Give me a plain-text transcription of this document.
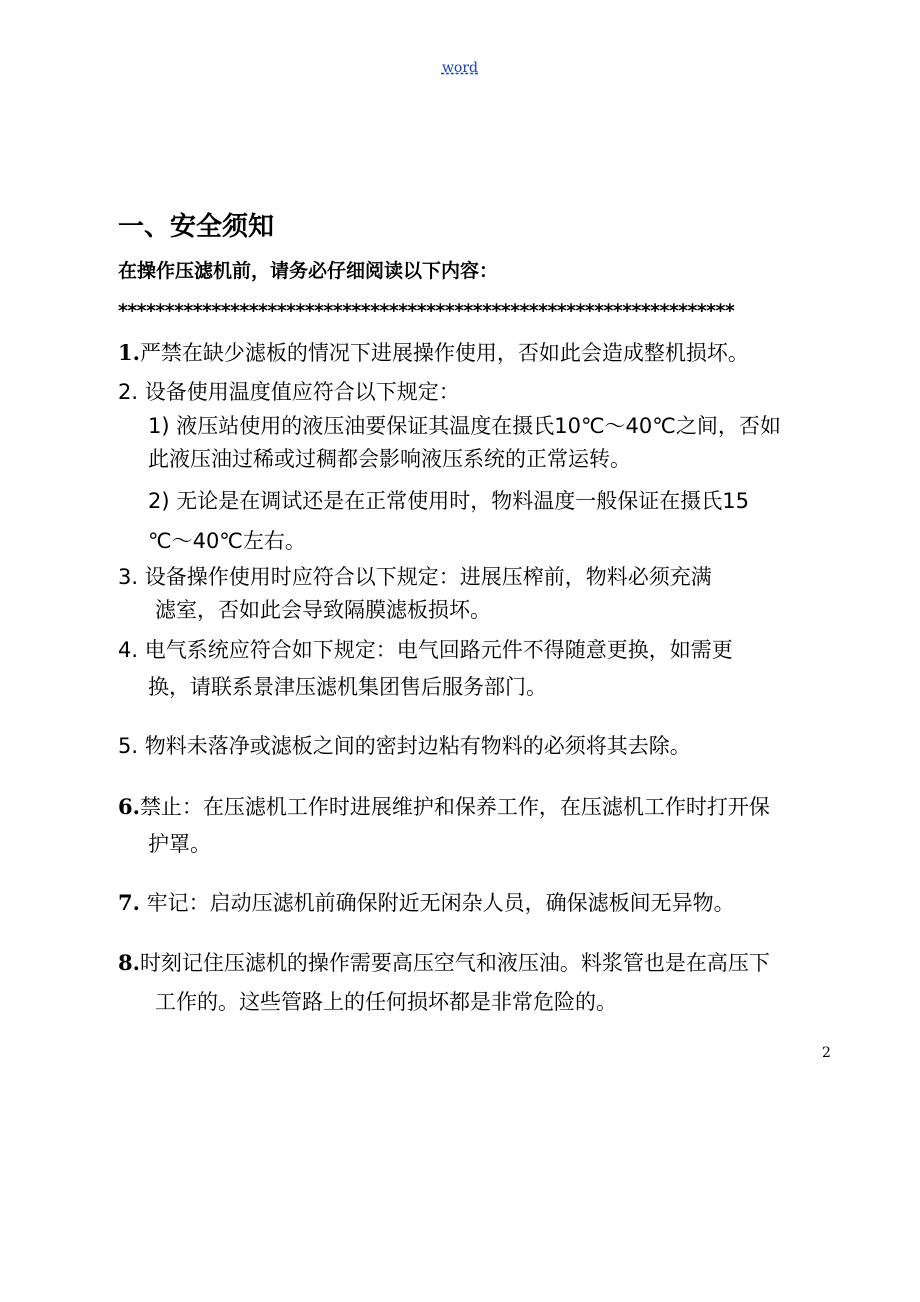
word
一、安全须知
在操作压滤机前，请务必仔细阅读以下内容：
******************************************************************
1.严禁在缺少滤板的情况下进展操作使用，否如此会造成整机损坏。
2. 设备使用温度值应符合以下规定：
1) 液压站使用的液压油要保证其温度在摄氏10℃～40℃之间，否如
此液压油过稀或过稠都会影响液压系统的正常运转。
2) 无论是在调试还是在正常使用时，物料温度一般保证在摄氏15
℃～40℃左右。
3. 设备操作使用时应符合以下规定：进展压榨前，物料必须充满
滤室，否如此会导致隔膜滤板损坏。
4. 电气系统应符合如下规定：电气回路元件不得随意更换，如需更
换，请联系景津压滤机集团售后服务部门。
5. 物料未落净或滤板之间的密封边粘有物料的必须将其去除。
6.禁止：在压滤机工作时进展维护和保养工作，在压滤机工作时打开保
护罩。
7. 牢记：启动压滤机前确保附近无闲杂人员，确保滤板间无异物。
8.时刻记住压滤机的操作需要高压空气和液压油。料浆管也是在高压下
工作的。这些管路上的任何损坏都是非常危险的。
2
